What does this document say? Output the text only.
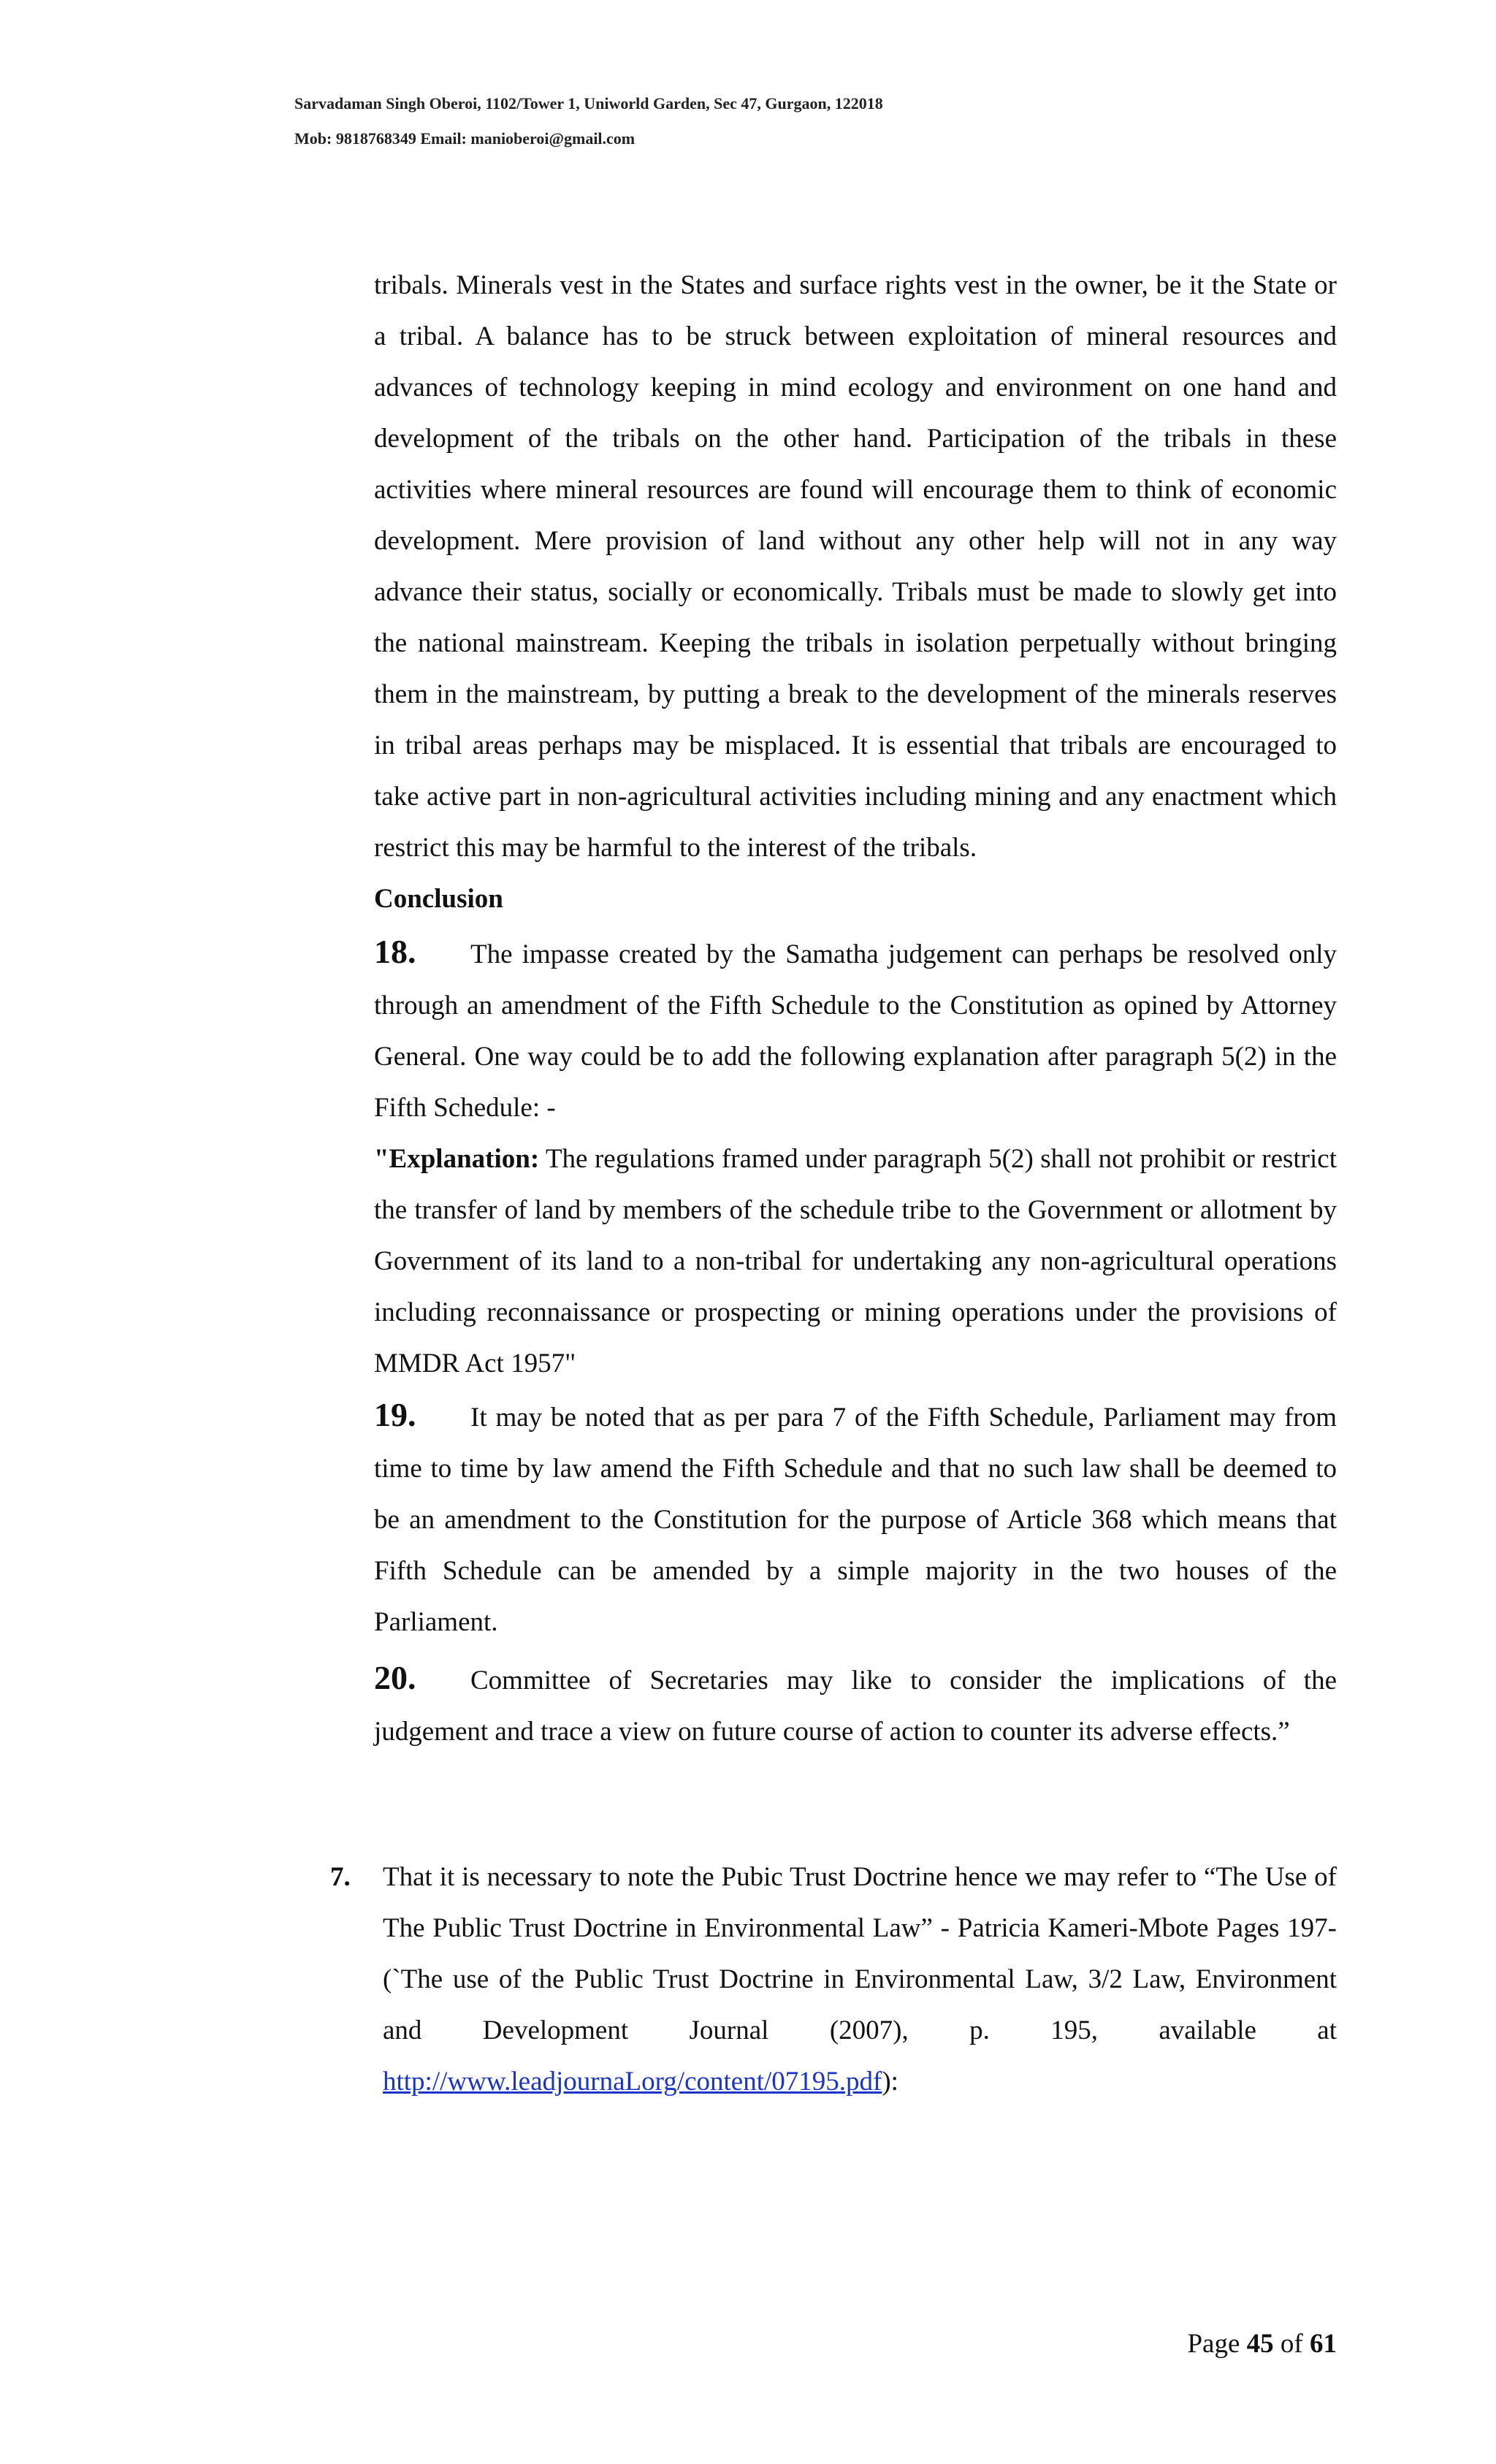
Sarvadaman Singh Oberoi, 1102/Tower 1, Uniworld Garden, Sec 47, Gurgaon, 122018
Mob: 9818768349 Email: manioberoi@gmail.com

tribals. Minerals vest in the States and surface rights vest in the owner, be it the State or a tribal. A balance has to be struck between exploitation of mineral resources and advances of technology keeping in mind ecology and environment on one hand and development of the tribals on the other hand. Participation of the tribals in these activities where mineral resources are found will encourage them to think of economic development. Mere provision of land without any other help will not in any way advance their status, socially or economically. Tribals must be made to slowly get into the national mainstream. Keeping the tribals in isolation perpetually without bringing them in the mainstream, by putting a break to the development of the minerals reserves in tribal areas perhaps may be misplaced. It is essential that tribals are encouraged to take active part in non-agricultural activities including mining and any enactment which restrict this may be harmful to the interest of the tribals.

Conclusion

18. The impasse created by the Samatha judgement can perhaps be resolved only through an amendment of the Fifth Schedule to the Constitution as opined by Attorney General. One way could be to add the following explanation after paragraph 5(2) in the Fifth Schedule: -

"Explanation: The regulations framed under paragraph 5(2) shall not prohibit or restrict the transfer of land by members of the schedule tribe to the Government or allotment by Government of its land to a non-tribal for undertaking any non-agricultural operations including reconnaissance or prospecting or mining operations under the provisions of MMDR Act 1957"

19. It may be noted that as per para 7 of the Fifth Schedule, Parliament may from time to time by law amend the Fifth Schedule and that no such law shall be deemed to be an amendment to the Constitution for the purpose of Article 368 which means that Fifth Schedule can be amended by a simple majority in the two houses of the Parliament.

20. Committee of Secretaries may like to consider the implications of the judgement and trace a view on future course of action to counter its adverse effects.”

7. That it is necessary to note the Pubic Trust Doctrine hence we may refer to “The Use of The Public Trust Doctrine in Environmental Law” - Patricia Kameri-Mbote Pages 197- (`The use of the Public Trust Doctrine in Environmental Law, 3/2 Law, Environment and Development Journal (2007), p. 195, available at http://www.leadjournaLorg/content/07195.pdf):
Page 45 of 61
